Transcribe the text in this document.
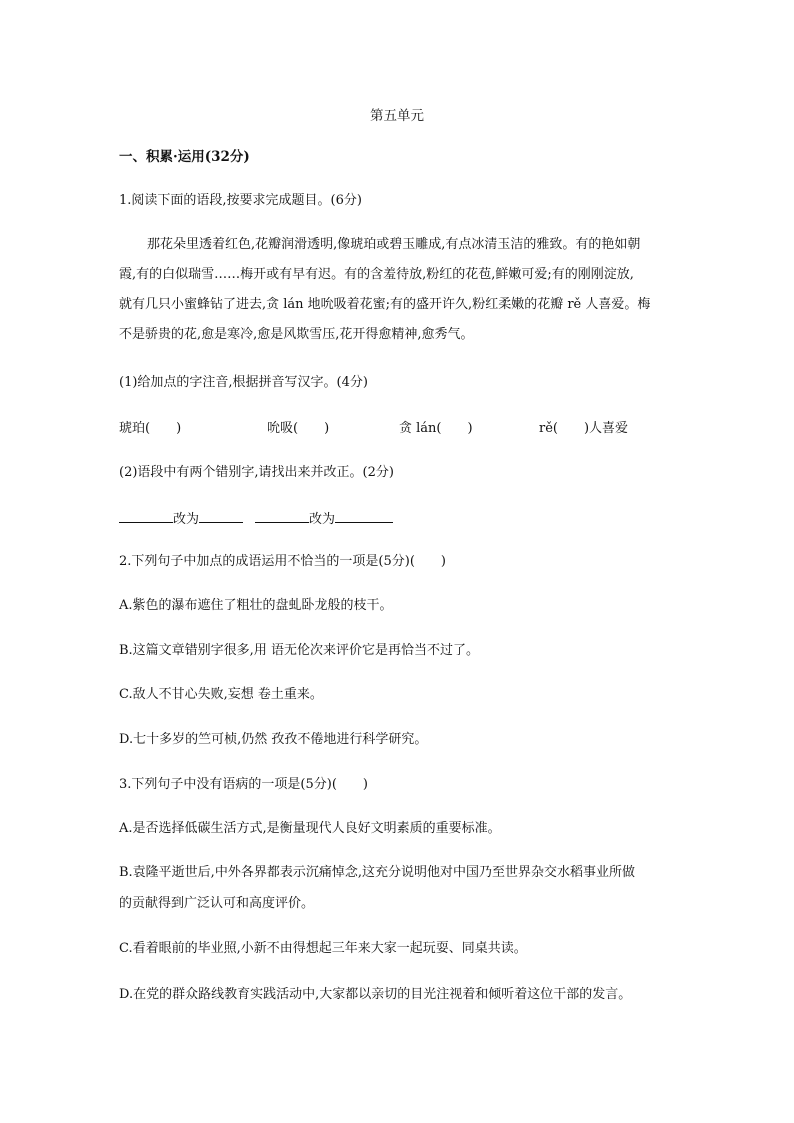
第五单元
一、积累·运用(32分)
1.阅读下面的语段,按要求完成题目。(6分)
那花朵里透着红色,花瓣润滑透明,像琥珀或碧玉雕成,有点冰清玉洁的雅致。有的艳如朝
霞,有的白似瑞雪……梅开或有早有迟。有的含羞待放,粉红的花苞,鲜嫩可爱;有的刚刚淀放,
就有几只小蜜蜂钻了进去,贪 lán 地吮吸着花蜜;有的盛开许久,粉红柔嫩的花瓣 rě 人喜爱。梅
不是骄贵的花,愈是寒冷,愈是风欺雪压,花开得愈精神,愈秀气。
(1)给加点的字注音,根据拼音写汉字。(4分)
琥珀(　　)	吮吸(　　)	贪 lán(　　)	rě(　　)人喜爱
(2)语段中有两个错别字,请找出来并改正。(2分)
改为	改为
2.下列句子中加点的成语运用不恰当的一项是(5分)(　　)
A.紫色的瀑布遮住了粗壮的盘虬卧龙般的枝干。
B.这篇文章错别字很多,用 语无伦次来评价它是再恰当不过了。
C.敌人不甘心失败,妄想 卷土重来。
D.七十多岁的竺可桢,仍然 孜孜不倦地进行科学研究。
3.下列句子中没有语病的一项是(5分)(　　)
A.是否选择低碳生活方式,是衡量现代人良好文明素质的重要标准。
B.袁隆平逝世后,中外各界都表示沉痛悼念,这充分说明他对中国乃至世界杂交水稻事业所做
的贡献得到广泛认可和高度评价。
C.看着眼前的毕业照,小新不由得想起三年来大家一起玩耍、同桌共读。
D.在党的群众路线教育实践活动中,大家都以亲切的目光注视着和倾听着这位干部的发言。
